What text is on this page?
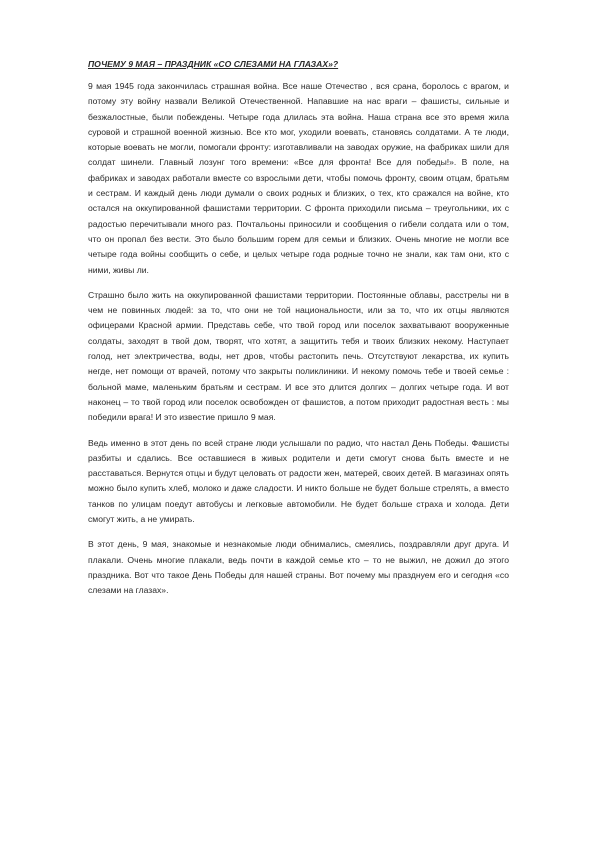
ПОЧЕМУ 9 МАЯ – ПРАЗДНИК «СО СЛЕЗАМИ НА ГЛАЗАХ»?

9 мая 1945 года закончилась страшная война. Все наше Отечество , вся срана, боролось с врагом, и потому эту войну назвали Великой Отечественной. Напавшие на нас враги – фашисты, сильные и безжалостные, были побеждены. Четыре года длилась эта война. Наша страна все это время жила суровой и страшной военной жизнью. Все кто мог, уходили воевать, становясь солдатами. А те люди, которые воевать не могли, помогали фронту: изготавливали на заводах оружие, на фабриках шили для солдат шинели. Главный лозунг того времени: «Все для фронта! Все для победы!». В поле, на фабриках и заводах работали вместе со взрослыми дети, чтобы помочь фронту, своим отцам, братьям и сестрам. И каждый день люди думали о своих родных и близких, о тех, кто сражался на войне, кто остался на оккупированной фашистами территории. С фронта приходили письма – треугольники, их с радостью перечитывали много раз. Почтальоны приносили и сообщения о гибели солдата или о том, что он пропал без вести. Это было большим горем для семьи и близких. Очень многие не могли все четыре года войны сообщить о себе, и целых четыре года родные точно не знали, как там они, кто с ними, живы ли.

Страшно было жить на оккупированной фашистами территории. Постоянные облавы, расстрелы ни в чем не повинных людей: за то, что они не той национальности, или за то, что их отцы являются офицерами Красной армии. Представь себе, что твой город или поселок захватывают вооруженные солдаты, заходят в твой дом, творят, что хотят, а защитить тебя и твоих близких некому. Наступает голод, нет электричества, воды, нет дров, чтобы растопить печь. Отсутствуют лекарства, их купить негде, нет помощи от врачей, потому что закрыты поликлиники. И некому помочь тебе и твоей семье : больной маме, маленьким братьям и сестрам. И все это длится долгих – долгих четыре года. И вот наконец – то твой город или поселок освобожден от фашистов, а потом приходит радостная весть : мы победили врага! И это известие пришло 9 мая.

Ведь именно в этот день по всей стране люди услышали по радио, что настал День Победы. Фашисты разбиты и сдались. Все оставшиеся в живых родители и дети смогут снова быть вместе и не расставаться. Вернутся отцы и будут целовать от радости жен, матерей, своих детей. В магазинах опять можно было купить хлеб, молоко и даже сладости. И никто больше не будет больше стрелять, а вместо танков по улицам поедут автобусы и легковые автомобили. Не будет больше страха и холода. Дети смогут жить, а не умирать.

В этот день, 9 мая, знакомые и незнакомые люди обнимались, смеялись, поздравляли друг друга. И плакали. Очень многие плакали, ведь почти в каждой семье кто – то не выжил, не дожил до этого праздника. Вот что такое День Победы для нашей страны. Вот почему мы празднуем его и сегодня «со слезами на глазах».
